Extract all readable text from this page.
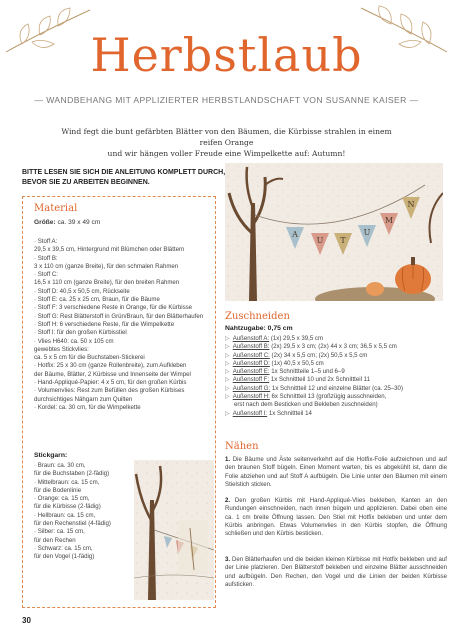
Herbstlaub
— WANDBEHANG MIT APPLIZIERTER HERBSTLANDSCHAFT VON SUSANNE KAISER —
Wind fegt die bunt gefärbten Blätter von den Bäumen, die Kürbisse strahlen in einem reifen Orange
und wir hängen voller Freude eine Wimpelkette auf: Autumn!
BITTE LESEN SIE SICH DIE ANLEITUNG KOMPLETT DURCH,
BEVOR SIE ZU ARBEITEN BEGINNEN.
Material
Größe: ca. 39 x 49 cm
· Stoff A:
29,5 x 39,5 cm, Hintergrund mit Blümchen oder Blättern
· Stoff B:
3 x 110 cm (ganze Breite), für den schmalen Rahmen
· Stoff C:
16,5 x 110 cm (ganze Breite), für den breiten Rahmen
· Stoff D: 40,5 x 50,5 cm, Rückseite
· Stoff E: ca. 25 x 25 cm, Braun, für die Bäume
· Stoff F: 3 verschiedene Reste in Orange, für die Kürbisse
· Stoff G: Rest Blätterstoff in Grün/Braun, für den Blätterhaufen
· Stoff H: 6 verschiedene Reste, für die Wimpelkette
· Stoff I: für den großen Kürbisstiel
· Vlies H640: ca. 50 x 105 cm
gewebtes Stickvlies:
ca. 5 x 5 cm für die Buchstaben-Stickerei
· Hotfix: 25 x 30 cm (ganze Rollenbreite), zum Aufkleben
der Bäume, Blätter, 2 Kürbisse und Innenseite der Wimpel
· Hand-Appliqué-Papier: 4 x 5 cm, für den großen Kürbis
· Volumenvlies: Rest zum Befüllen des großen Kürbises
durchsichtiges Nähgarn zum Quilten
· Kordel: ca. 30 cm, für die Wimpelkette
Stickgarn:
· Braun: ca. 30 cm,
für die Buchstaben (2-fädig)
· Mittelbraun: ca. 15 cm,
für die Bodenlinie
· Orange: ca. 15 cm,
für die Kürbisse (2-fädig)
· Hellbraun: ca. 15 cm,
für den Rechenstiel (4-fädig)
· Silber: ca. 15 cm,
für den Rechen
· Schwarz: ca. 15 cm,
für den Vogel (1-fädig)
A
U T
U
M
N
Zuschneiden
Nahtzugabe: 0,75 cm
▷ Außenstoff A: (1x) 29,5 x 39,5 cm
▷ Außenstoff B: (2x) 29,5 x 3 cm; (2x) 44 x 3 cm; 36,5 x 5,5 cm
▷ Außenstoff C: (2x) 34 x 5,5 cm; (2x) 50,5 x 5,5 cm
▷ Außenstoff D: (1x) 40,5 x 50,5 cm
▷ Außenstoff E: 1x Schnittteile 1–5 und 6–9
▷ Außenstoff F: 1x Schnittteil 10 und 2x Schnittteil 11
▷ Außenstoff G: 1x Schnittteil 12 und einzelne Blätter (ca. 25–30)
▷ Außenstoff H: 6x Schnittteil 13 (großzügig ausschneiden,
erst nach dem Besticken und Bekleben zuschneiden)
▷ Außenstoff I: 1x Schnittteil 14
Nähen
1. Die Bäume und Äste seitenverkehrt auf die Hotfix-Folie aufzeichnen und auf den braunen Stoff bügeln. Einen Moment warten, bis es abgekühlt ist, dann die Folie abziehen und auf Stoff A aufbügeln. Die Linie unter den Bäumen mit einem Stielstich sticken.
2. Den großen Kürbis mit Hand-Appliqué-Vlies bekleben, Kanten an den Rundungen einschneiden, nach innen bügeln und applizieren. Dabei oben eine ca. 1 cm breite Öffnung lassen. Den Stiel mit Hotfix bekleben und unter dem Kürbis anbringen. Etwas Volumenvlies in den Kürbis stopfen, die Öffnung schließen und den Kürbis besticken.
3. Den Blätterhaufen und die beiden kleinen Kürbisse mit Hotfix bekleben und auf der Linie platzieren. Den Blätterstoff bekleben und einzelne Blätter ausschneiden und aufbügeln. Den Rechen, den Vogel und die Linien der beiden Kürbisse aufsticken.
30
